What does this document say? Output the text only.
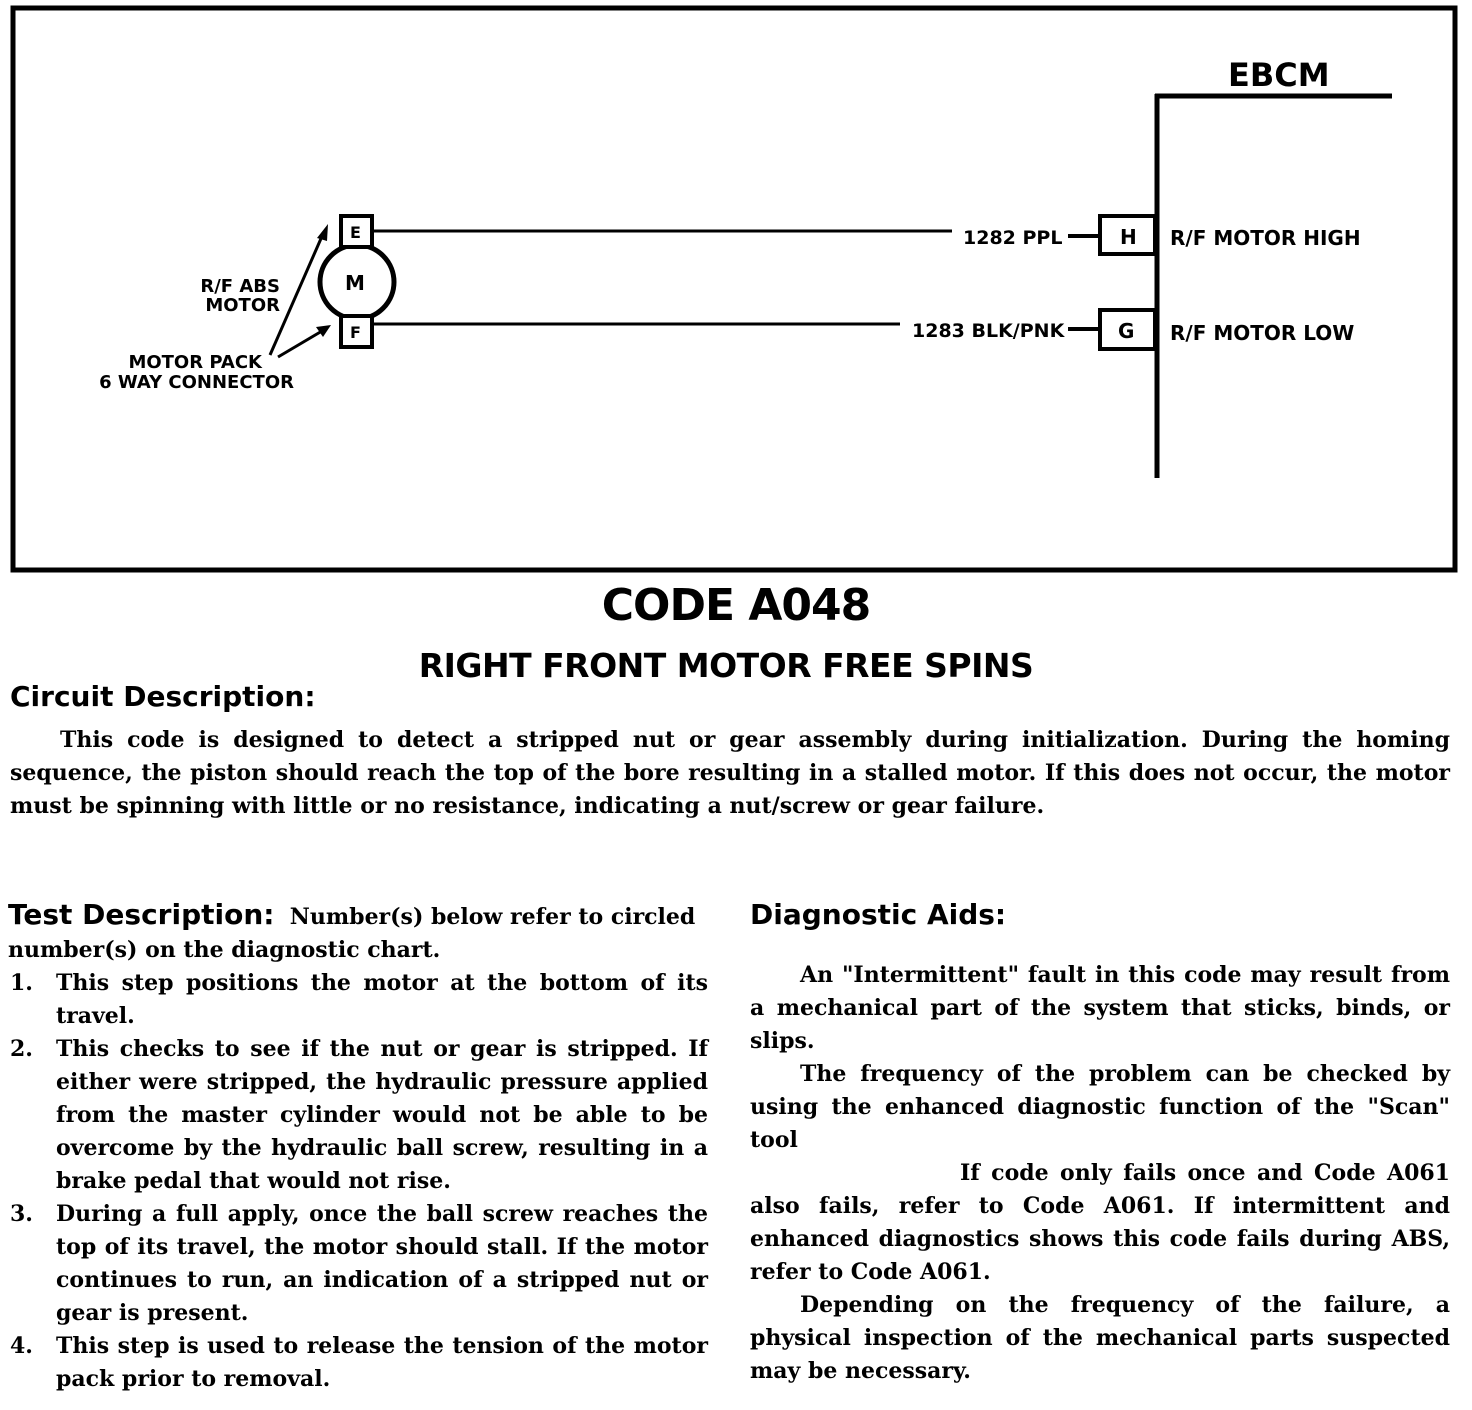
EBCM
M
E
F
1282 PPL
1283 BLK/PNK
H
G
R/F MOTOR HIGH
R/F MOTOR LOW
R/F ABS
MOTOR
MOTOR PACK
6 WAY CONNECTOR
CODE A048
RIGHT FRONT MOTOR FREE SPINS
Circuit Description:
This code is designed to detect a stripped nut or gear assembly during initialization. During the homing sequence, the piston should reach the top of the bore resulting in a stalled motor. If this does not occur, the motor must be spinning with little or no resistance, indicating a nut/screw or gear failure.

Test Description: Number(s) below refer to circled number(s) on the diagnostic chart.

1. This step positions the motor at the bottom of its travel.
2. This checks to see if the nut or gear is stripped. If either were stripped, the hydraulic pressure applied from the master cylinder would not be able to be overcome by the hydraulic ball screw, resulting in a brake pedal that would not rise.
3. During a full apply, once the ball screw reaches the top of its travel, the motor should stall. If the motor continues to run, an indication of a stripped nut or gear is present.
4. This step is used to release the tension of the motor pack prior to removal.
Diagnostic Aids:

An "Intermittent" fault in this code may result from a mechanical part of the system that sticks, binds, or slips.

The frequency of the problem can be checked by using the enhanced diagnostic function of the "Scan" tool

If code only fails once and Code A061 also fails, refer to Code A061. If intermittent and enhanced diagnostics shows this code fails during ABS, refer to Code A061.

Depending on the frequency of the failure, a physical inspection of the mechanical parts suspected may be necessary.
